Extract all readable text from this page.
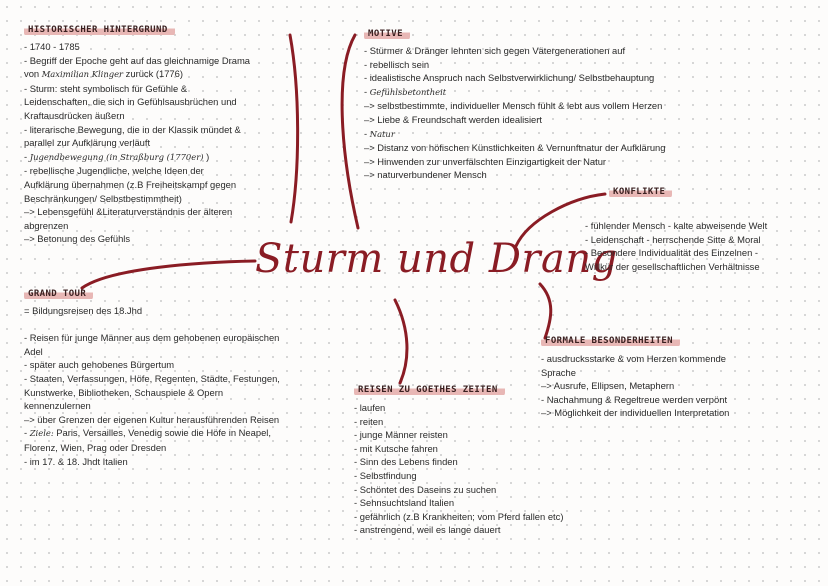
Sturm und Drang
HISTORISCHER HINTERGRUND
- 1740 - 1785
- Begriff der Epoche geht auf das gleichnamige Drama
von Maximilian Klinger zurück (1776)
- Sturm: steht symbolisch für Gefühle &
Leidenschaften, die sich in Gefühlsausbrüchen und
Kraftausdrücken äußern
- literarische Bewegung, die in der Klassik mündet &
parallel zur Aufklärung verläuft
- Jugendbewegung (in Straßburg (1770er) )
- rebellische Jugendliche, welche Ideen der
Aufklärung übernahmen (z.B Freiheitskampf gegen
Beschränkungen/ Selbstbestimmtheit)
–> Lebensgefühl &Literaturverständnis der älteren
abgrenzen
–> Betonung des Gefühls
MOTIVE
- Stürmer & Dränger lehnten sich gegen Vätergenerationen auf
- rebellisch sein
- idealistische Anspruch nach Selbstverwirklichung/ Selbstbehauptung
- Gefühlsbetontheit
–> selbstbestimmte, individueller Mensch fühlt & lebt aus vollem Herzen
–> Liebe & Freundschaft werden idealisiert
- Natur
–> Distanz von höfischen Künstlichkeiten & Vernunftnatur der Aufklärung
–> Hinwenden zur unverfälschten Einzigartigkeit der Natur
–> naturverbundener Mensch
KONFLIKTE
- fühlender Mensch - kalte abweisende Welt
- Leidenschaft - herrschende Sitte & Moral
- Besondere Individualität des Einzelnen -
Willkür der gesellschaftlichen Verhältnisse
GRAND TOUR
= Bildungsreisen des 18.Jhd
- Reisen für junge Männer aus dem gehobenen europäischen
Adel
- später auch gehobenes Bürgertum
- Staaten, Verfassungen, Höfe, Regenten, Städte, Festungen,
Kunstwerke, Bibliotheken, Schauspiele & Opern
kennenzulernen
–> über Grenzen der eigenen Kultur herausführenden Reisen
- Ziele: Paris, Versailles, Venedig sowie die Höfe in Neapel,
Florenz, Wien, Prag oder Dresden
- im 17. & 18. Jhdt Italien
REISEN ZU GOETHES ZEITEN
- laufen
- reiten
- junge Männer reisten
- mit Kutsche fahren
- Sinn des Lebens finden
- Selbstfindung
- Schöntet des Daseins zu suchen
- Sehnsuchtsland Italien
- gefährlich (z.B Krankheiten; vom Pferd fallen etc)
- anstrengend, weil es lange dauert
FORMALE BESONDERHEITEN
- ausdrucksstarke & vom Herzen kommende
Sprache
–> Ausrufe, Ellipsen, Metaphern
- Nachahmung & Regeltreue werden verpönt
–> Möglichkeit der individuellen Interpretation
